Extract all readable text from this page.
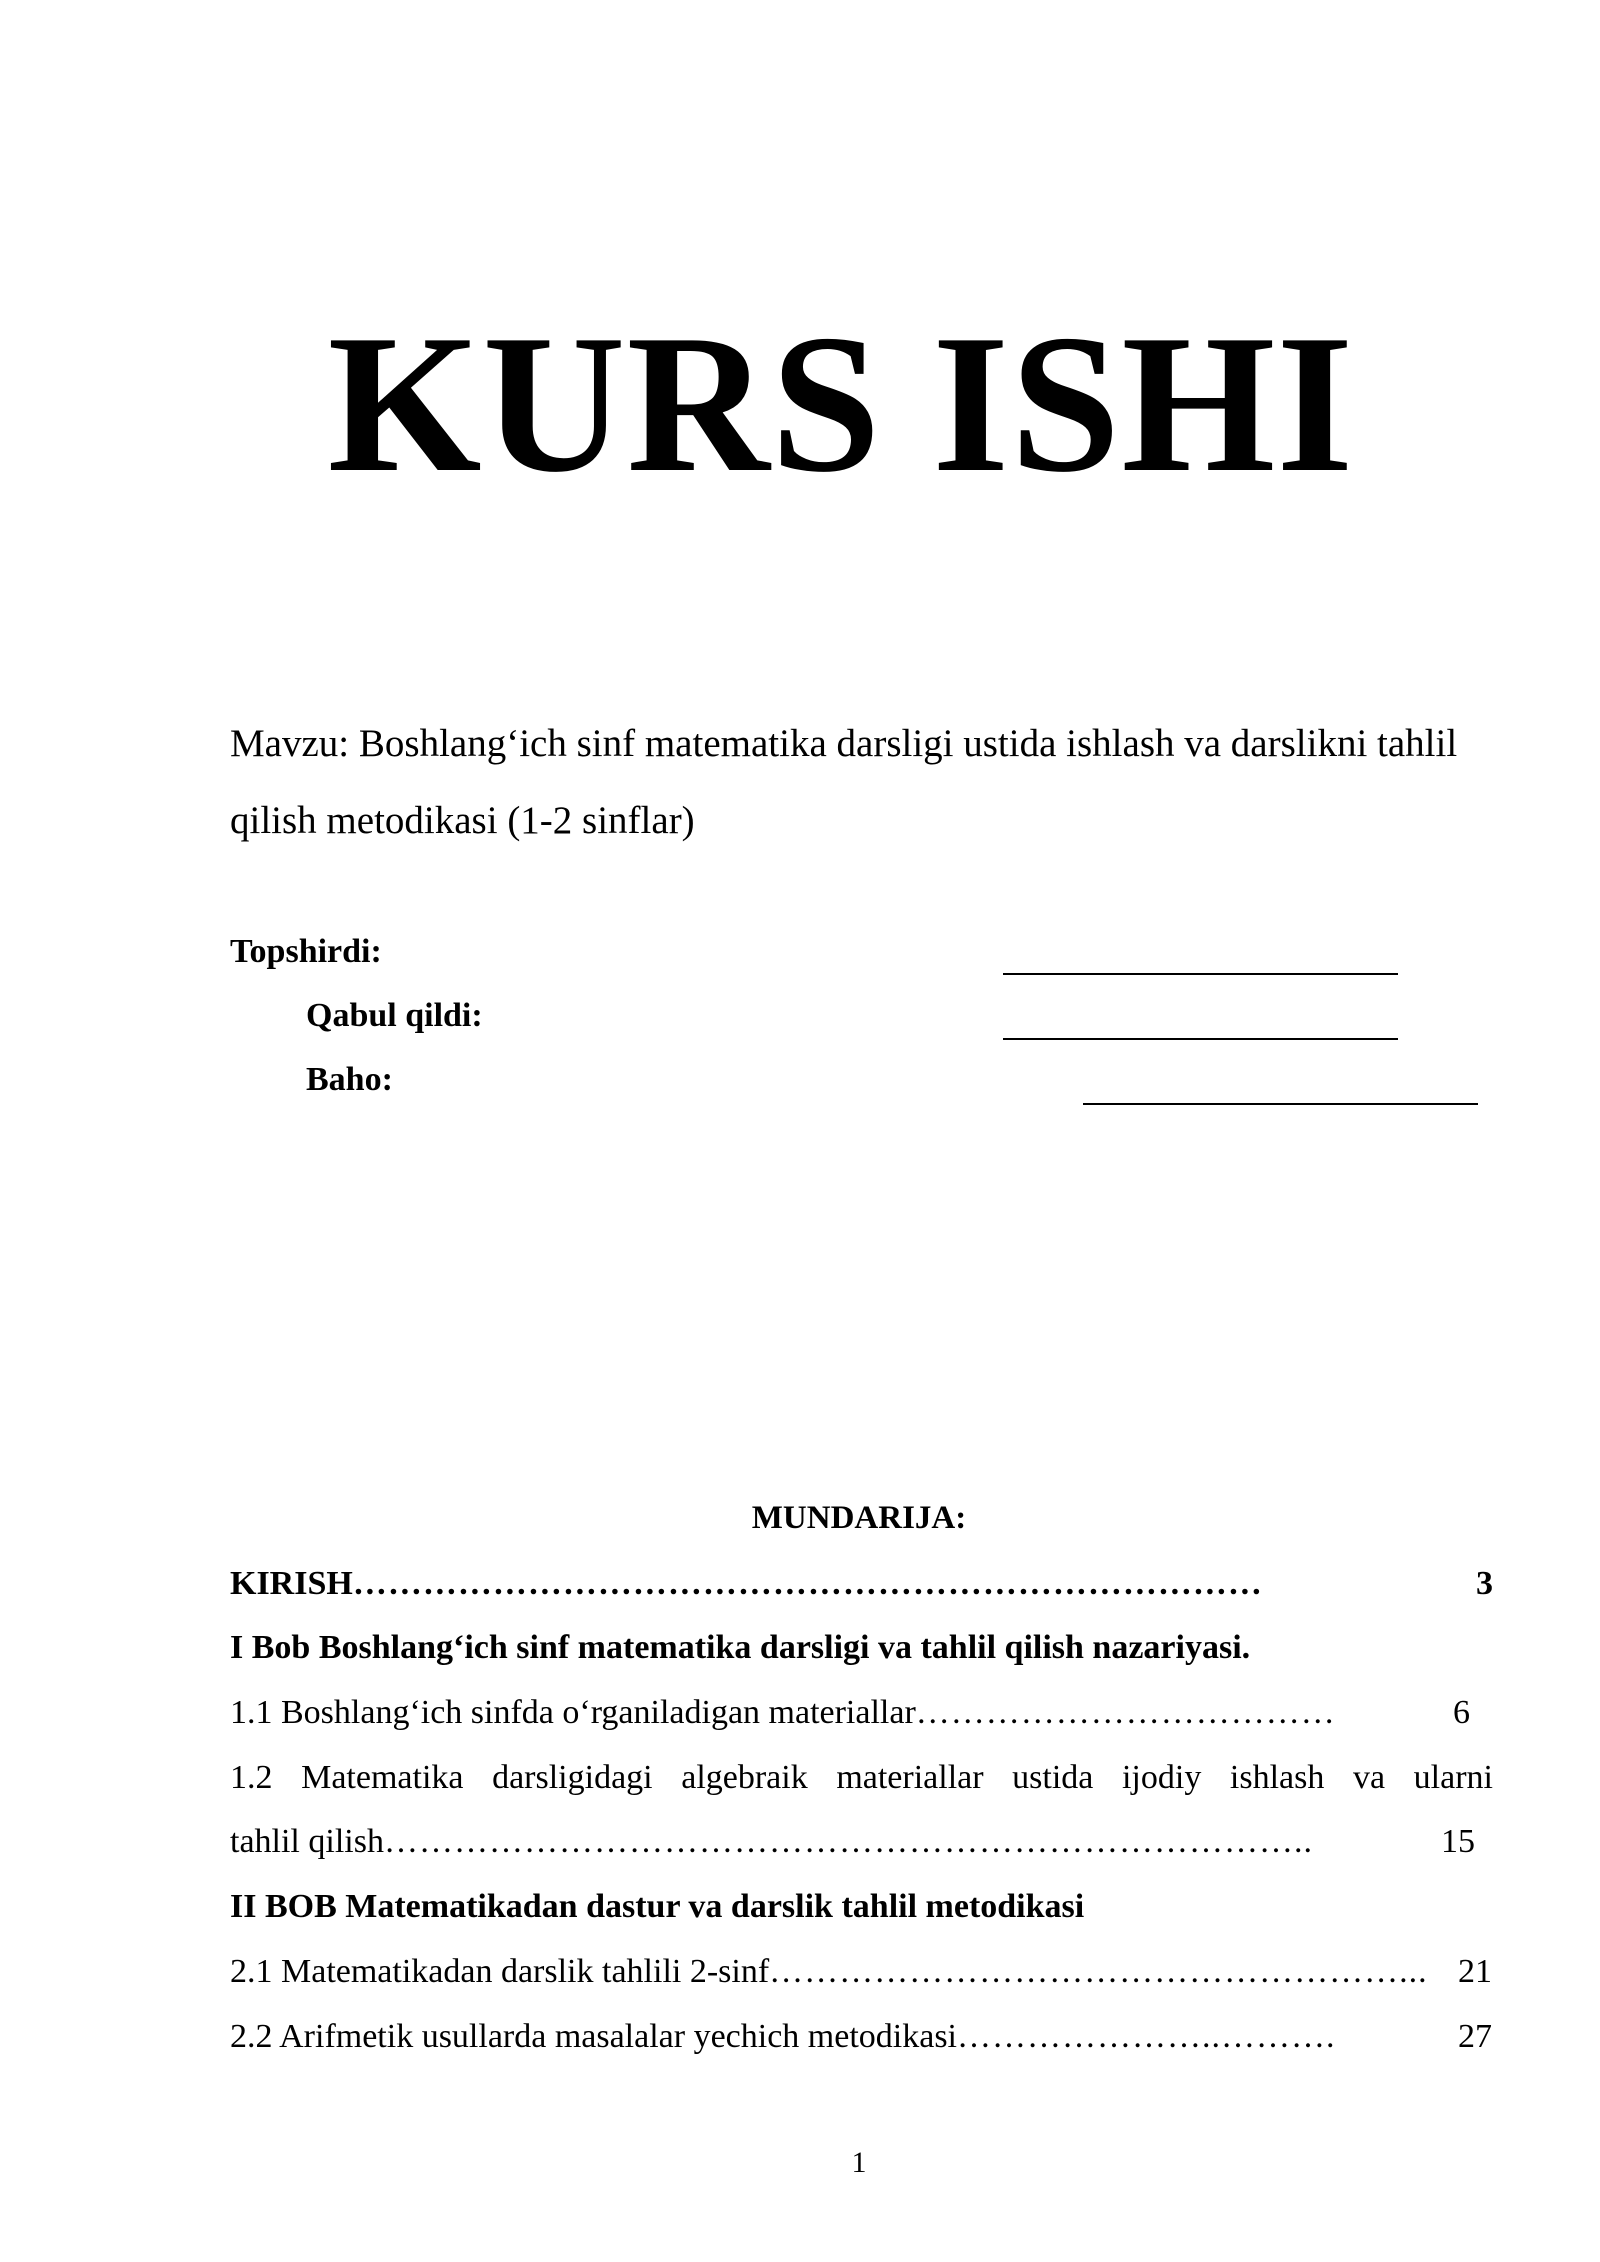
KURS ISHI
Mavzu: Boshlang‘ich sinf matematika darsligi ustida ishlash va darslikni tahlil qilish metodikasi (1-2 sinflar)
Topshirdi:
Qabul qildi:
Baho:
MUNDARIJA:
KIRISH ……………………………………………………………………	3
I Bob Boshlang‘ich sinf matematika darsligi va tahlil qilish nazariyasi.
1.1 Boshlang‘ich sinfda o‘rganiladigan materiallar ………………………………	6
1.2 Matematika darsligidagi algebraik materiallar ustida ijodiy ishlash va ularni
tahlil qilish ……………………………………………………………………..	15
II BOB Matematikadan dastur va darslik tahlil metodikasi
2.1 Matematikadan darslik tahlili 2-sinf ………………………………………………... 21
2.2 Arifmetik usullarda masalalar yechich metodikasi …………………..……….	27
1
